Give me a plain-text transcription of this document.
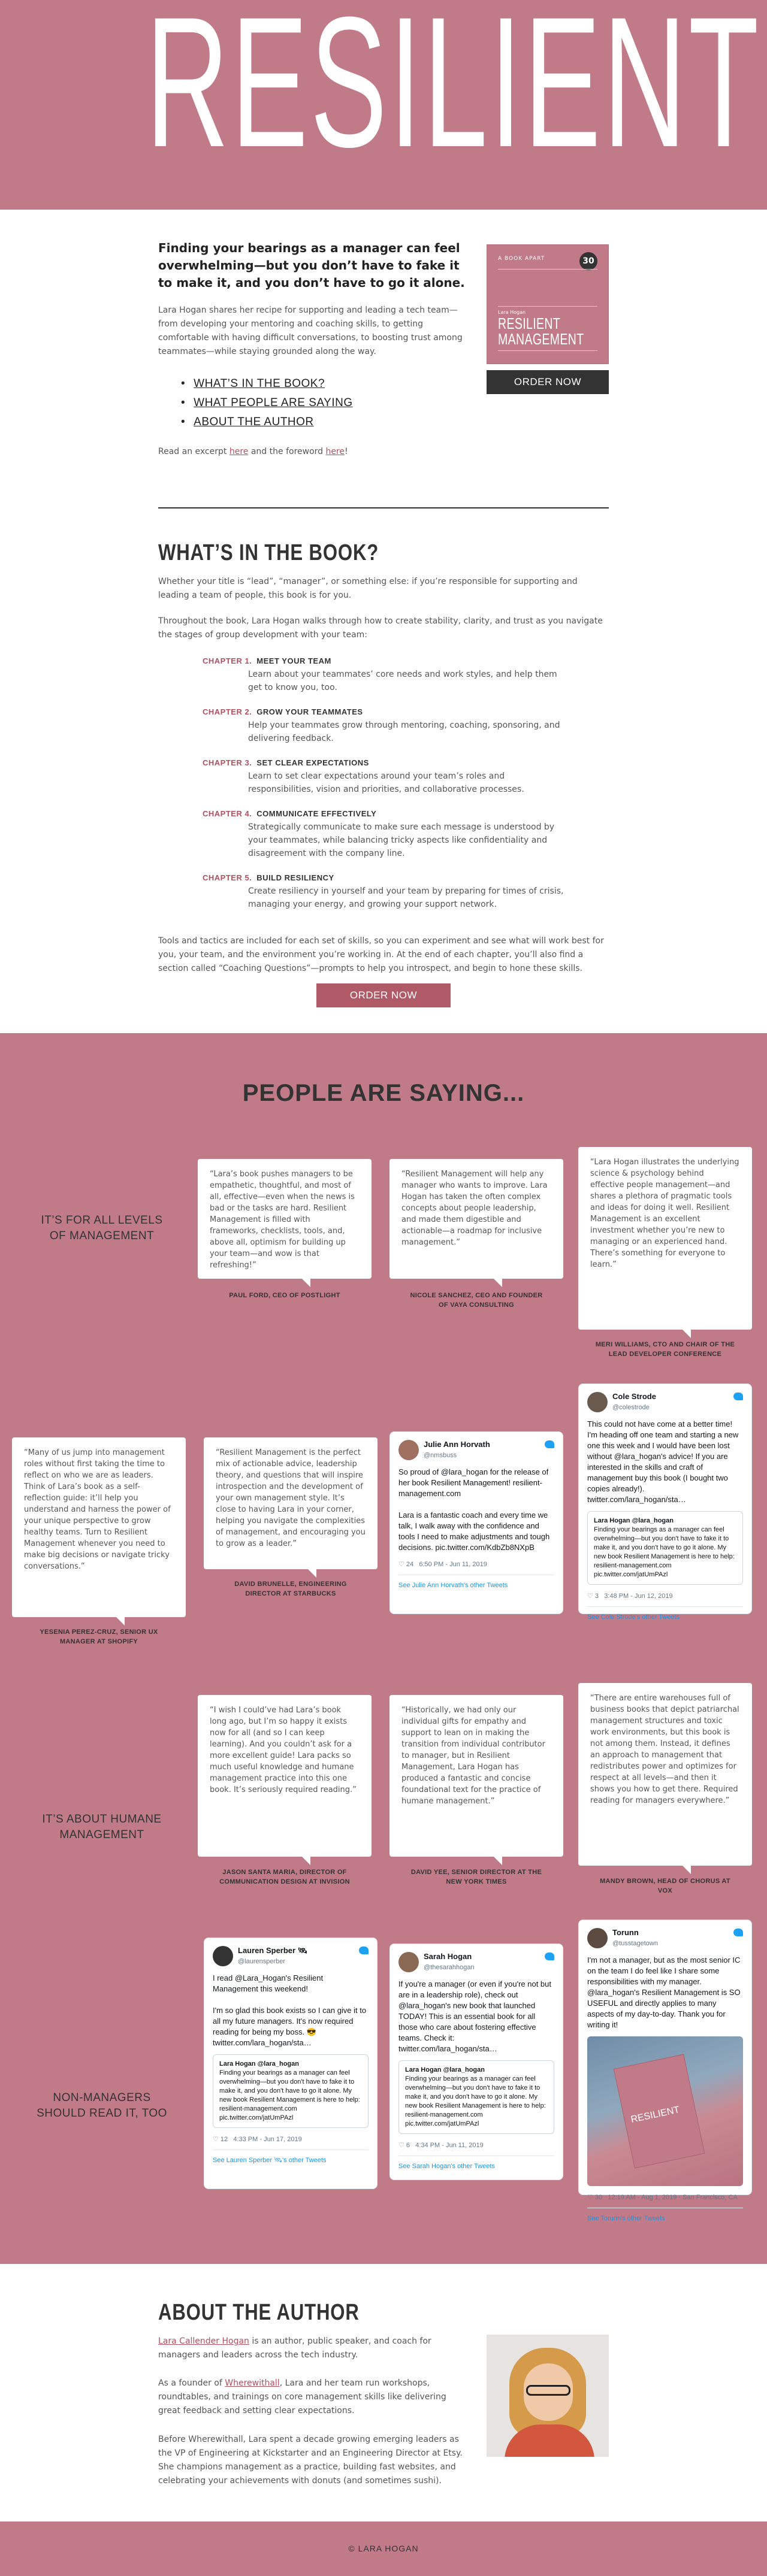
RESILIENT
Finding your bearings as a manager can feel overwhelming—but you don’t have to fake it to make it, and you don’t have to go it alone.

Lara Hogan shares her recipe for supporting and leading a tech team—from developing your mentoring and coaching skills, to getting comfortable with having difficult conversations, to boosting trust among teammates—while staying grounded along the way.

• WHAT’S IN THE BOOK?
• WHAT PEOPLE ARE SAYING
• ABOUT THE AUTHOR

Read an excerpt here and the foreword here!

A BOOK APART	30
Lara Hogan
RESILIENT
MANAGEMENT
ORDER NOW
WHAT’S IN THE BOOK?

Whether your title is “lead”, “manager”, or something else: if you’re responsible for supporting and leading a team of people, this book is for you.

Throughout the book, Lara Hogan walks through how to create stability, clarity, and trust as you navigate the stages of group development with your team:

CHAPTER 1. MEET YOUR TEAM
Learn about your teammates’ core needs and work styles, and help them get to know you, too.
CHAPTER 2. GROW YOUR TEAMMATES
Help your teammates grow through mentoring, coaching, sponsoring, and delivering feedback.
CHAPTER 3. SET CLEAR EXPECTATIONS
Learn to set clear expectations around your team’s roles and responsibilities, vision and priorities, and collaborative processes.
CHAPTER 4. COMMUNICATE EFFECTIVELY
Strategically communicate to make sure each message is understood by your teammates, while balancing tricky aspects like confidentiality and disagreement with the company line.
CHAPTER 5. BUILD RESILIENCY
Create resiliency in yourself and your team by preparing for times of crisis, managing your energy, and growing your support network.

Tools and tactics are included for each set of skills, so you can experiment and see what will work best for you, your team, and the environment you’re working in. At the end of each chapter, you’ll also find a section called “Coaching Questions”—prompts to help you introspect, and begin to hone these skills.

ORDER NOW
PEOPLE ARE SAYING...
IT’S FOR ALL LEVELS OF MANAGEMENT
“Lara’s book pushes managers to be empathetic, thoughtful, and most of all, effective—even when the news is bad or the tasks are hard. Resilient Management is filled with frameworks, checklists, tools, and, above all, optimism for building up your team—and wow is that refreshing!”
PAUL FORD, CEO OF POSTLIGHT
“Resilient Management will help any manager who wants to improve. Lara Hogan has taken the often complex concepts about people leadership, and made them digestible and actionable—a roadmap for inclusive management.”
NICOLE SANCHEZ, CEO AND FOUNDER OF VAYA CONSULTING
“Lara Hogan illustrates the underlying science & psychology behind effective people management—and shares a plethora of pragmatic tools and ideas for doing it well. Resilient Management is an excellent investment whether you’re new to managing or an experienced hand. There’s something for everyone to learn.”
MERI WILLIAMS, CTO AND CHAIR OF THE LEAD DEVELOPER CONFERENCE
“Many of us jump into management roles without first taking the time to reflect on who we are as leaders. Think of Lara’s book as a self-reflection guide: it’ll help you understand and harness the power of your unique perspective to grow healthy teams. Turn to Resilient Management whenever you need to make big decisions or navigate tricky conversations.”
YESENIA PEREZ-CRUZ, SENIOR UX MANAGER AT SHOPIFY
“Resilient Management is the perfect mix of actionable advice, leadership theory, and questions that will inspire introspection and the development of your own management style. It’s close to having Lara in your corner, helping you navigate the complexities of management, and encouraging you to grow as a leader.”
DAVID BRUNELLE, ENGINEERING DIRECTOR AT STARBUCKS
Julie Ann Horvath
@nmsbuss
So proud of @lara_hogan for the release of her book Resilient Management! resilient-management.com

Lara is a fantastic coach and every time we talk, I walk away with the confidence and tools I need to make adjustments and tough decisions. pic.twitter.com/KdbZb8NXpB
♡ 24 6:50 PM - Jun 11, 2019
See Julie Ann Horvath's other Tweets
Cole Strode
@colestrode
This could not have come at a better time! I'm heading off one team and starting a new one this week and I would have been lost without @lara_hogan's advice! If you are interested in the skills and craft of management buy this book (I bought two copies already!). twitter.com/lara_hogan/sta…
Lara Hogan @lara_hogan
Finding your bearings as a manager can feel overwhelming—but you don't have to fake it to make it, and you don't have to go it alone. My new book Resilient Management is here to help: resilient-management.com pic.twitter.com/jatUmPAzl
♡ 3 3:48 PM - Jun 12, 2019
See Cole Strode's other Tweets
IT’S ABOUT HUMANE MANAGEMENT
“I wish I could’ve had Lara’s book long ago, but I’m so happy it exists now for all (and so I can keep learning). And you couldn’t ask for a more excellent guide! Lara packs so much useful knowledge and humane management practice into this one book. It’s seriously required reading.”
JASON SANTA MARIA, DIRECTOR OF COMMUNICATION DESIGN AT INVISION
“Historically, we had only our individual gifts for empathy and support to lean on in making the transition from individual contributor to manager, but in Resilient Management, Lara Hogan has produced a fantastic and concise foundational text for the practice of humane management.”
DAVID YEE, SENIOR DIRECTOR AT THE NEW YORK TIMES
“There are entire warehouses full of business books that depict patriarchal management structures and toxic work environments, but this book is not among them. Instead, it defines an approach to management that redistributes power and optimizes for respect at all levels—and then it shows you how to get there. Required reading for managers everywhere.”
MANDY BROWN, HEAD OF CHORUS AT VOX
NON-MANAGERS SHOULD READ IT, TOO
Lauren Sperber 🛰
@laurensperber
I read @Lara_Hogan's Resilient Management this weekend!

I'm so glad this book exists so I can give it to all my future managers. It's now required reading for being my boss. 😎 twitter.com/lara_hogan/sta…
Lara Hogan @lara_hogan
Finding your bearings as a manager can feel overwhelming—but you don't have to fake it to make it, and you don't have to go it alone. My new book Resilient Management is here to help: resilient-management.com pic.twitter.com/jatUmPAzl
♡ 12 4:33 PM - Jun 17, 2019
See Lauren Sperber 🛰's other Tweets
Sarah Hogan
@thesarahhogan
If you're a manager (or even if you're not but are in a leadership role), check out @lara_hogan's new book that launched TODAY! This is an essential book for all those who care about fostering effective teams. Check it: twitter.com/lara_hogan/sta…
Lara Hogan @lara_hogan
Finding your bearings as a manager can feel overwhelming—but you don't have to fake it to make it, and you don't have to go it alone. My new book Resilient Management is here to help: resilient-management.com pic.twitter.com/jatUmPAzl
♡ 6 4:34 PM - Jun 11, 2019
See Sarah Hogan's other Tweets
Torunn
@tusstagetown
I'm not a manager, but as the most senior IC on the team I do feel like I share some responsibilities with my manager. @lara_hogan's Resilient Management is SO USEFUL and directly applies to many aspects of my day-to-day. Thank you for writing it!
RESILIENT
♡ 30 12:19 AM - Aug 1, 2019 · San Francisco, CA
See Torunn's other Tweets
ABOUT THE AUTHOR

Lara Callender Hogan is an author, public speaker, and coach for managers and leaders across the tech industry.

As a founder of Wherewithall, Lara and her team run workshops, roundtables, and trainings on core management skills like delivering great feedback and setting clear expectations.

Before Wherewithall, Lara spent a decade growing emerging leaders as the VP of Engineering at Kickstarter and an Engineering Director at Etsy. She champions management as a practice, building fast websites, and celebrating your achievements with donuts (and sometimes sushi).

© LARA HOGAN
